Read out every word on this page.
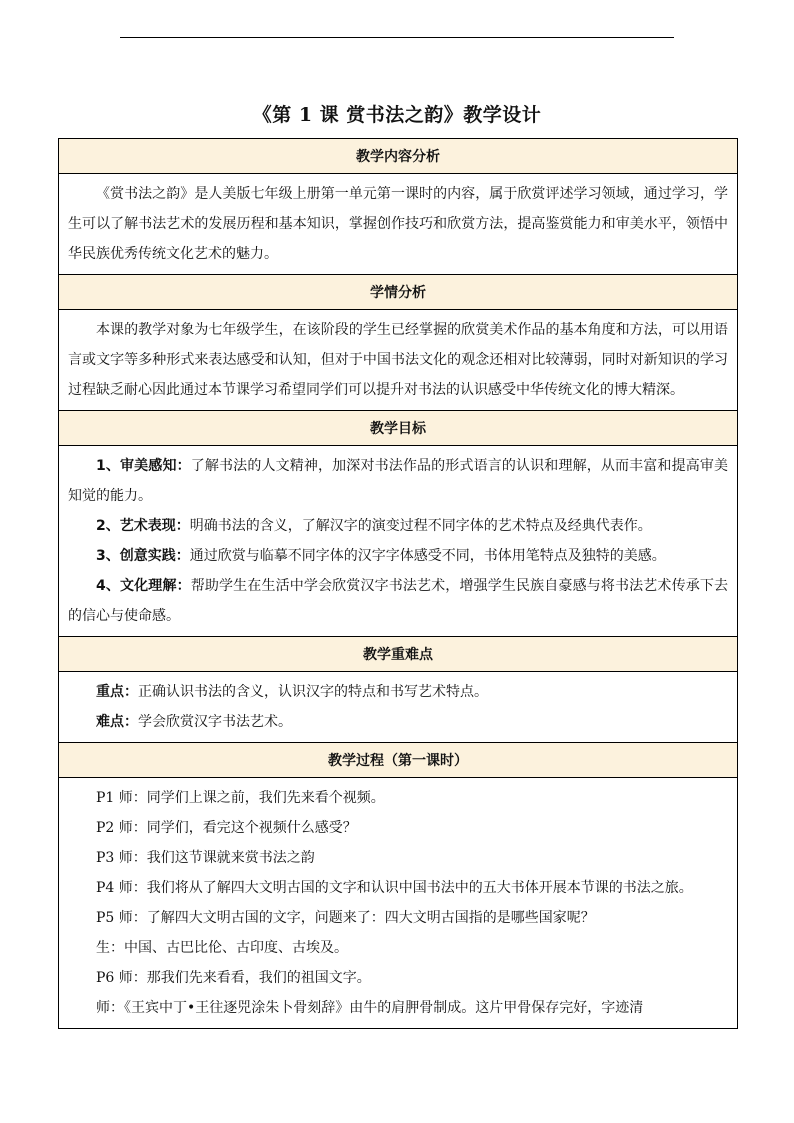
《第 1 课 赏书法之韵》教学设计
教学内容分析

《赏书法之韵》是人美版七年级上册第一单元第一课时的内容，属于欣赏评述学习领域，通过学习，学生可以了解书法艺术的发展历程和基本知识，掌握创作技巧和欣赏方法，提高鉴赏能力和审美水平，领悟中华民族优秀传统文化艺术的魅力。

学情分析

本课的教学对象为七年级学生，在该阶段的学生已经掌握的欣赏美术作品的基本角度和方法，可以用语言或文字等多种形式来表达感受和认知，但对于中国书法文化的观念还相对比较薄弱，同时对新知识的学习过程缺乏耐心因此通过本节课学习希望同学们可以提升对书法的认识感受中华传统文化的博大精深。

教学目标

1、审美感知：了解书法的人文精神，加深对书法作品的形式语言的认识和理解，从而丰富和提高审美知觉的能力。

2、艺术表现：明确书法的含义，了解汉字的演变过程不同字体的艺术特点及经典代表作。

3、创意实践：通过欣赏与临摹不同字体的汉字字体感受不同，书体用笔特点及独特的美感。

4、文化理解：帮助学生在生活中学会欣赏汉字书法艺术，增强学生民族自豪感与将书法艺术传承下去的信心与使命感。

教学重难点

重点：正确认识书法的含义，认识汉字的特点和书写艺术特点。

难点：学会欣赏汉字书法艺术。

教学过程（第一课时）

P1 师：同学们上课之前，我们先来看个视频。

P2 师：同学们，看完这个视频什么感受？

P3 师：我们这节课就来赏书法之韵

P4 师：我们将从了解四大文明古国的文字和认识中国书法中的五大书体开展本节课的书法之旅。

P5 师：了解四大文明古国的文字，问题来了：四大文明古国指的是哪些国家呢？

生：中国、古巴比伦、古印度、古埃及。

P6 师：那我们先来看看，我们的祖国文字。

师：《王宾中丁•王往逐兕涂朱卜骨刻辞》由牛的肩胛骨制成。这片甲骨保存完好，字迹清
